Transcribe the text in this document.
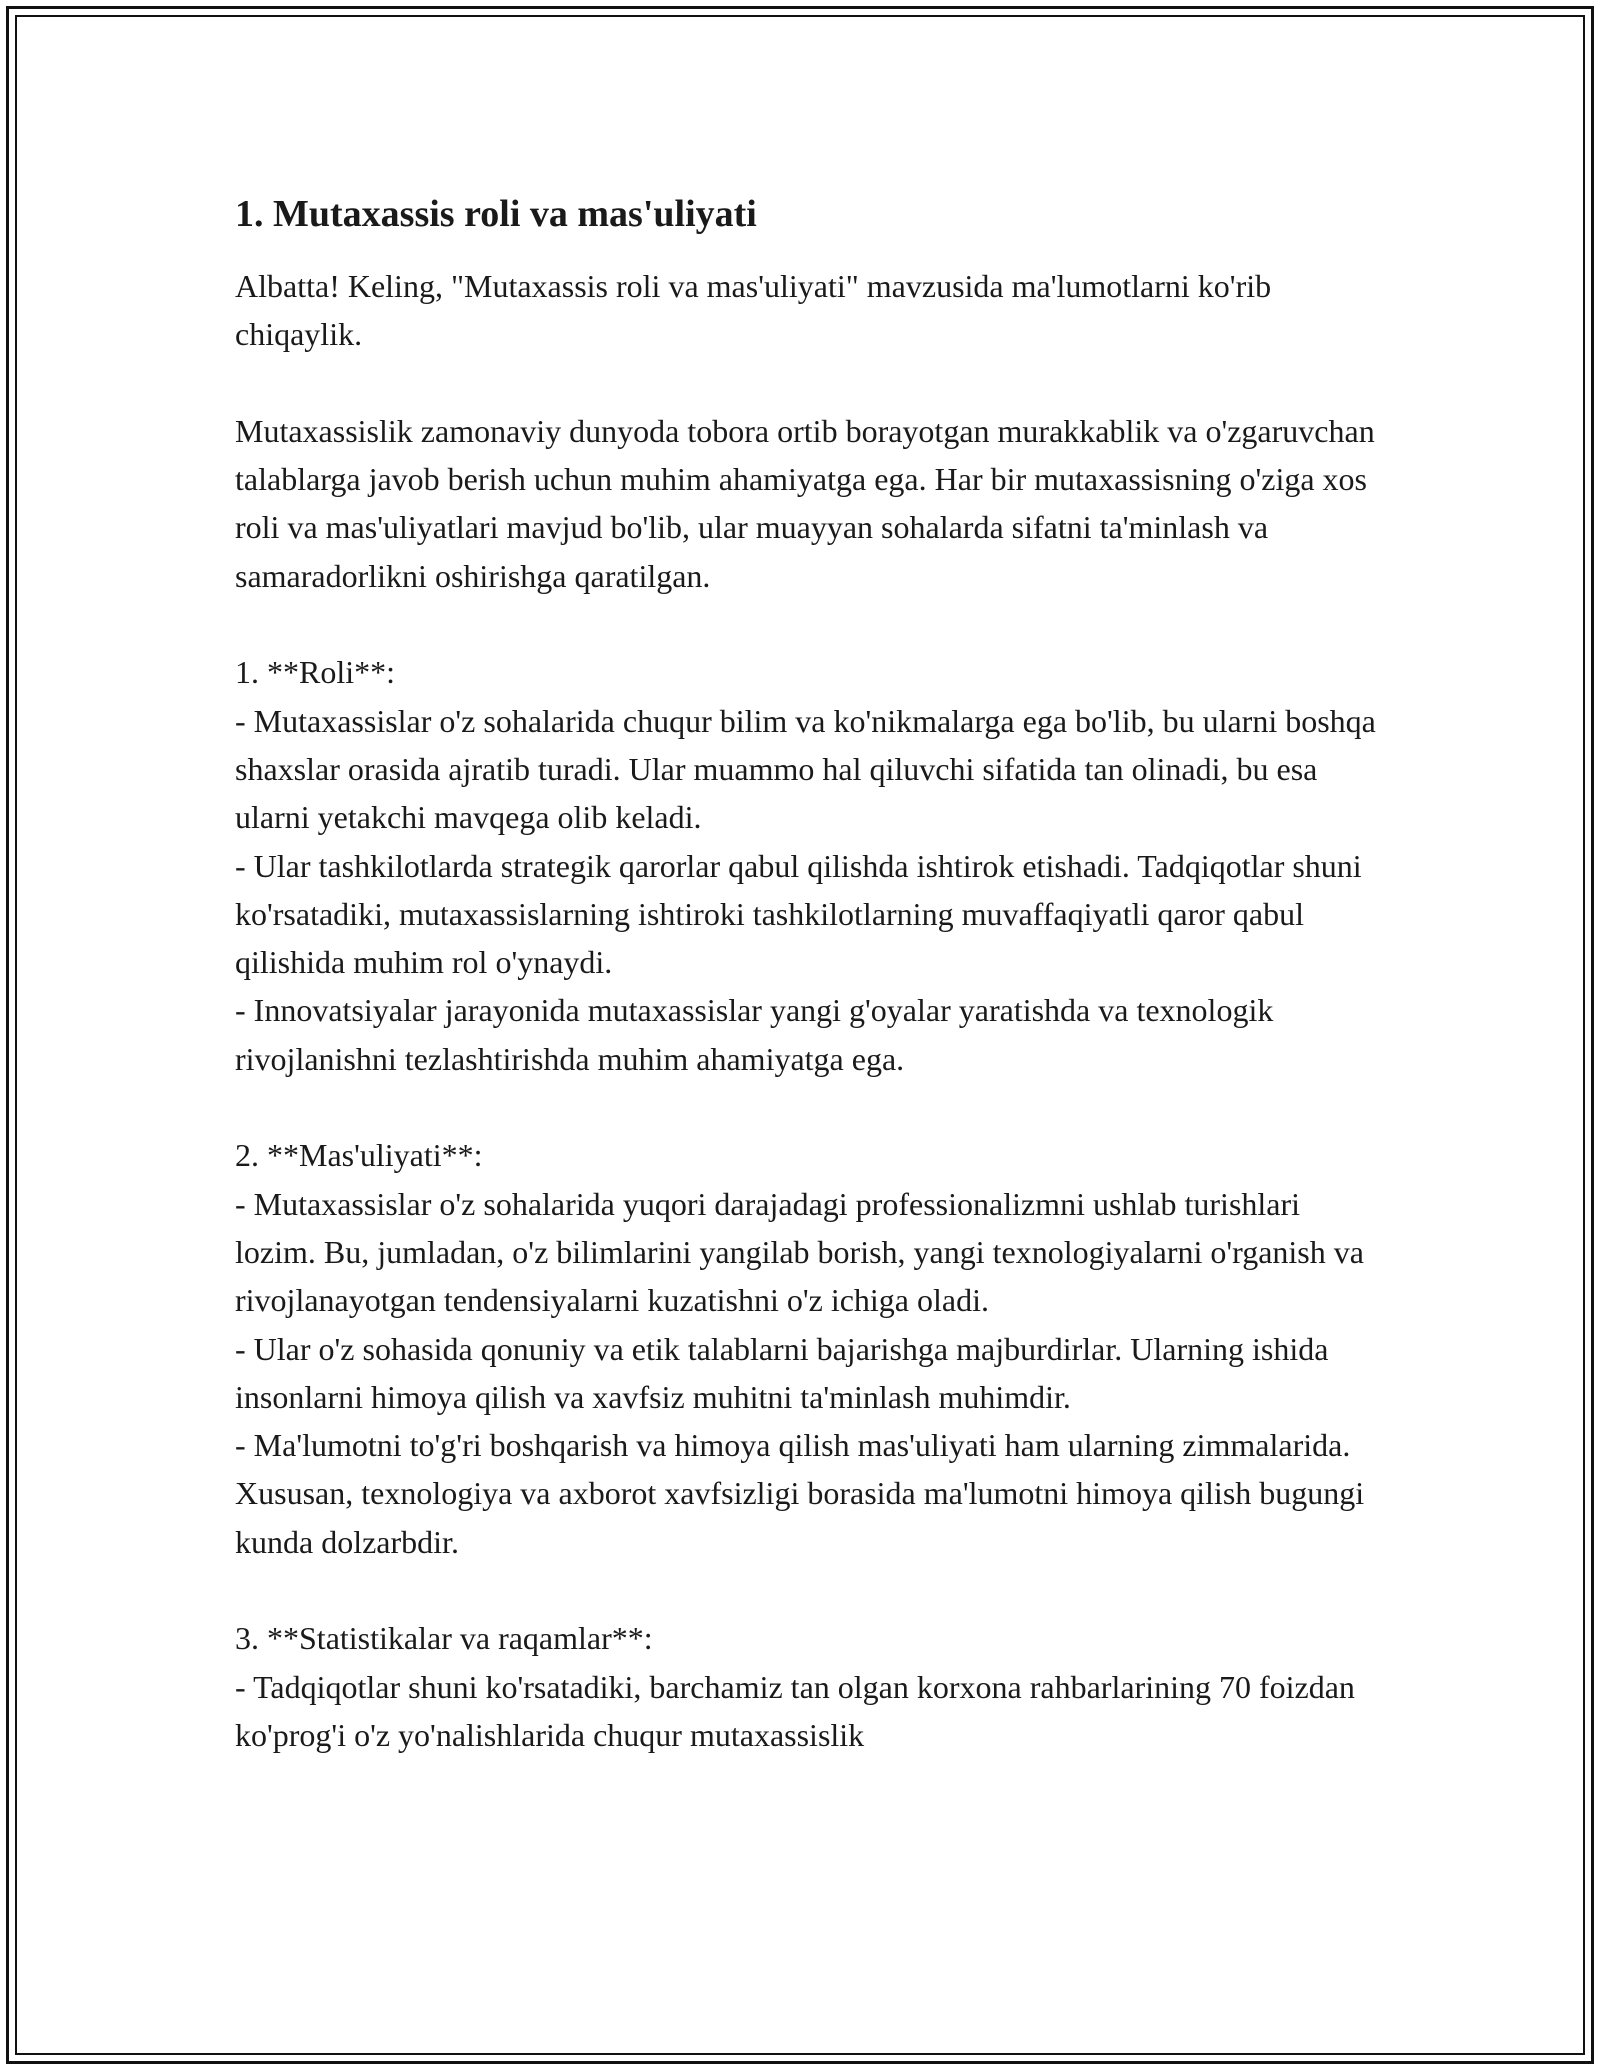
1. Mutaxassis roli va mas'uliyati

Albatta! Keling, "Mutaxassis roli va mas'uliyati" mavzusida ma'lumotlarni ko'rib chiqaylik.

Mutaxassislik zamonaviy dunyoda tobora ortib borayotgan murakkablik va o'zgaruvchan talablarga javob berish uchun muhim ahamiyatga ega. Har bir mutaxassisning o'ziga xos roli va mas'uliyatlari mavjud bo'lib, ular muayyan sohalarda sifatni ta'minlash va samaradorlikni oshirishga qaratilgan.

1. **Roli**:

- Mutaxassislar o'z sohalarida chuqur bilim va ko'nikmalarga ega bo'lib, bu ularni boshqa shaxslar orasida ajratib turadi. Ular muammo hal qiluvchi sifatida tan olinadi, bu esa ularni yetakchi mavqega olib keladi.

- Ular tashkilotlarda strategik qarorlar qabul qilishda ishtirok etishadi. Tadqiqotlar shuni ko'rsatadiki, mutaxassislarning ishtiroki tashkilotlarning muvaffaqiyatli qaror qabul qilishida muhim rol o'ynaydi.

- Innovatsiyalar jarayonida mutaxassislar yangi g'oyalar yaratishda va texnologik rivojlanishni tezlashtirishda muhim ahamiyatga ega.

2. **Mas'uliyati**:

- Mutaxassislar o'z sohalarida yuqori darajadagi professionalizmni ushlab turishlari lozim. Bu, jumladan, o'z bilimlarini yangilab borish, yangi texnologiyalarni o'rganish va rivojlanayotgan tendensiyalarni kuzatishni o'z ichiga oladi.

- Ular o'z sohasida qonuniy va etik talablarni bajarishga majburdirlar. Ularning ishida insonlarni himoya qilish va xavfsiz muhitni ta'minlash muhimdir.

- Ma'lumotni to'g'ri boshqarish va himoya qilish mas'uliyati ham ularning zimmalarida. Xususan, texnologiya va axborot xavfsizligi borasida ma'lumotni himoya qilish bugungi kunda dolzarbdir.

3. **Statistikalar va raqamlar**:

- Tadqiqotlar shuni ko'rsatadiki, barchamiz tan olgan korxona rahbarlarining 70 foizdan ko'prog'i o'z yo'nalishlarida chuqur mutaxassislik
